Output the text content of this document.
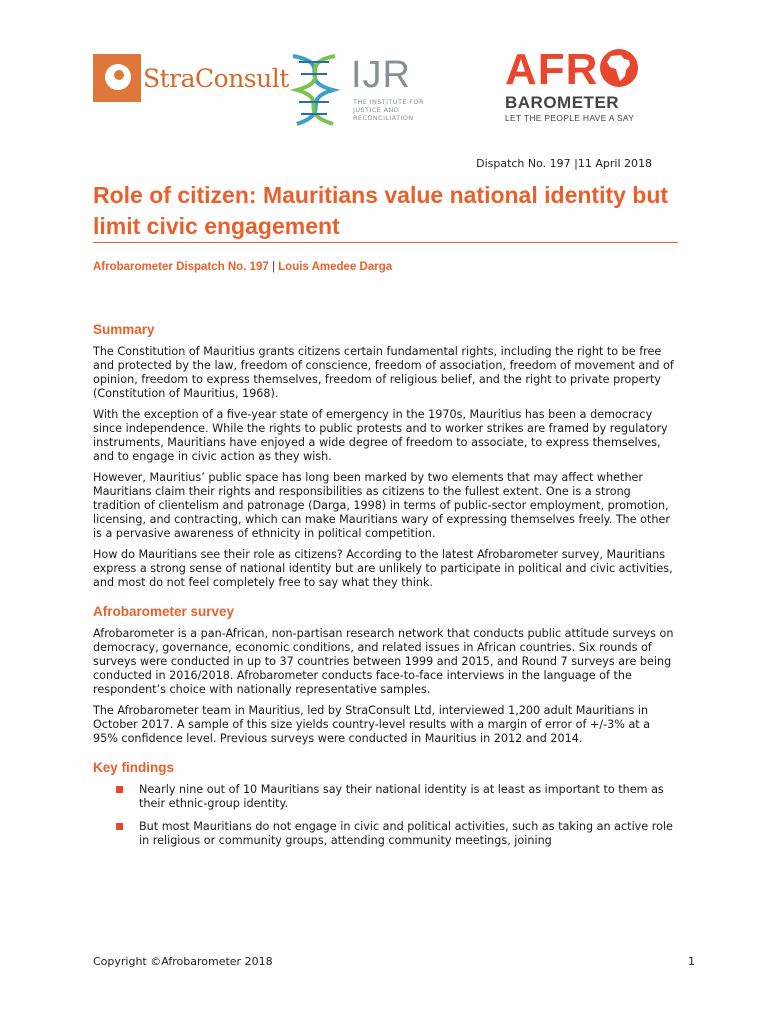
StraConsult IJR
THE INSTITUTE FOR JUSTICE AND RECONCILIATION
AFR
BAROMETER
LET THE PEOPLE HAVE A SAY
Dispatch No. 197 |11 April 2018
Role of citizen: Mauritians value national identity but limit civic engagement
Afrobarometer Dispatch No. 197 | Louis Amedee Darga
Summary

The Constitution of Mauritius grants citizens certain fundamental rights, including the right to be free and protected by the law, freedom of conscience, freedom of association, freedom of movement and of opinion, freedom to express themselves, freedom of religious belief, and the right to private property (Constitution of Mauritius, 1968).

With the exception of a five-year state of emergency in the 1970s, Mauritius has been a democracy since independence. While the rights to public protests and to worker strikes are framed by regulatory instruments, Mauritians have enjoyed a wide degree of freedom to associate, to express themselves, and to engage in civic action as they wish.

However, Mauritius’ public space has long been marked by two elements that may affect whether Mauritians claim their rights and responsibilities as citizens to the fullest extent. One is a strong tradition of clientelism and patronage (Darga, 1998) in terms of public-sector employment, promotion, licensing, and contracting, which can make Mauritians wary of expressing themselves freely. The other is a pervasive awareness of ethnicity in political competition.

How do Mauritians see their role as citizens? According to the latest Afrobarometer survey, Mauritians express a strong sense of national identity but are unlikely to participate in political and civic activities, and most do not feel completely free to say what they think.

Afrobarometer survey

Afrobarometer is a pan-African, non-partisan research network that conducts public attitude surveys on democracy, governance, economic conditions, and related issues in African countries. Six rounds of surveys were conducted in up to 37 countries between 1999 and 2015, and Round 7 surveys are being conducted in 2016/2018. Afrobarometer conducts face-to-face interviews in the language of the respondent’s choice with nationally representative samples.

The Afrobarometer team in Mauritius, led by StraConsult Ltd, interviewed 1,200 adult Mauritians in October 2017. A sample of this size yields country-level results with a margin of error of +/-3% at a 95% confidence level. Previous surveys were conducted in Mauritius in 2012 and 2014.

Key findings
Nearly nine out of 10 Mauritians say their national identity is at least as important to them as their ethnic-group identity.
But most Mauritians do not engage in civic and political activities, such as taking an active role in religious or community groups, attending community meetings, joining
Copyright ©Afrobarometer 2018	1
